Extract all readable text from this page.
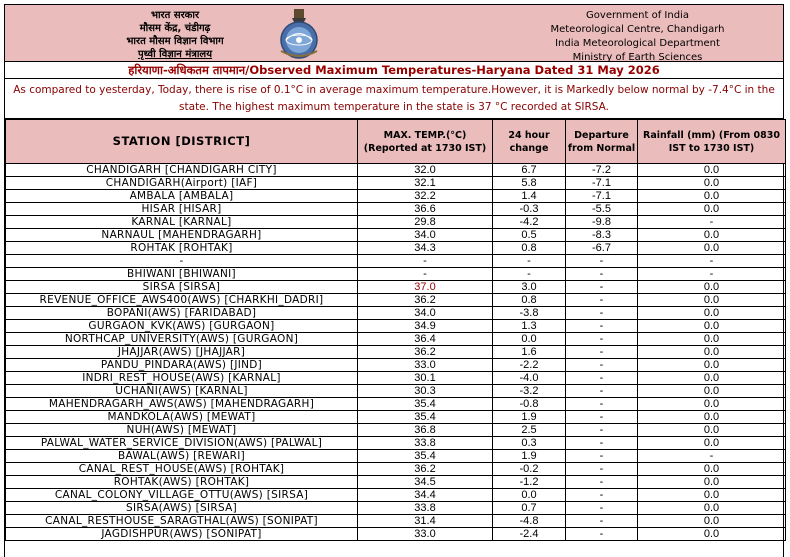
भारत सरकार
मौसम केंद्र, चंडीगढ़
भारत मौसम विज्ञान विभाग
पृथ्वी विज्ञान मंत्रालय
Government of India
Meteorological Centre, Chandigarh
India Meteorological Department
Ministry of Earth Sciences
हरियाणा-अधिकतम तापमान/Observed Maximum Temperatures-Haryana Dated 31 May 2026
As compared to yesterday, Today, there is rise of 0.1°C in average maximum temperature.However, it is Markedly below normal by -7.4°C in the state. The highest maximum temperature in the state is 37 °C recorded at SIRSA.
STATION [DISTRICT]	MAX. TEMP.(°C) (Reported at 1730 IST)	24 hour change	Departure from Normal	Rainfall (mm) (From 0830 IST to 1730 IST)
CHANDIGARH [CHANDIGARH CITY]	32.0	6.7	-7.2	0.0
CHANDIGARH(Airport) [IAF]	32.1	5.8	-7.1	0.0
AMBALA [AMBALA]	32.2	1.4	-7.1	0.0
HISAR [HISAR]	36.6	-0.3	-5.5	0.0
KARNAL [KARNAL]	29.8	-4.2	-9.8	-
NARNAUL [MAHENDRAGARH]	34.0	0.5	-8.3	0.0
ROHTAK [ROHTAK]	34.3	0.8	-6.7	0.0
-	-	-	-	-
BHIWANI [BHIWANI]	-	-	-	-
SIRSA [SIRSA]	37.0	3.0	-	0.0
REVENUE_OFFICE_AWS400(AWS) [CHARKHI_DADRI]	36.2	0.8	-	0.0
BOPANI(AWS) [FARIDABAD]	34.0	-3.8	-	0.0
GURGAON_KVK(AWS) [GURGAON]	34.9	1.3	-	0.0
NORTHCAP_UNIVERSITY(AWS) [GURGAON]	36.4	0.0	-	0.0
JHAJJAR(AWS) [JHAJJAR]	36.2	1.6	-	0.0
PANDU_PINDARA(AWS) [JIND]	33.0	-2.2	-	0.0
INDRI_REST_HOUSE(AWS) [KARNAL]	30.1	-4.0	-	0.0
UCHANI(AWS) [KARNAL]	30.3	-3.2	-	0.0
MAHENDRAGARH_AWS(AWS) [MAHENDRAGARH]	35.4	-0.8	-	0.0
MANDKOLA(AWS) [MEWAT]	35.4	1.9	-	0.0
NUH(AWS) [MEWAT]	36.8	2.5	-	0.0
PALWAL_WATER_SERVICE_DIVISION(AWS) [PALWAL]	33.8	0.3	-	0.0
BAWAL(AWS) [REWARI]	35.4	1.9	-	-
CANAL_REST_HOUSE(AWS) [ROHTAK]	36.2	-0.2	-	0.0
ROHTAK(AWS) [ROHTAK]	34.5	-1.2	-	0.0
CANAL_COLONY_VILLAGE_OTTU(AWS) [SIRSA]	34.4	0.0	-	0.0
SIRSA(AWS) [SIRSA]	33.8	0.7	-	0.0
CANAL_RESTHOUSE_SARAGTHAL(AWS) [SONIPAT]	31.4	-4.8	-	0.0
JAGDISHPUR(AWS) [SONIPAT]	33.0	-2.4	-	0.0
